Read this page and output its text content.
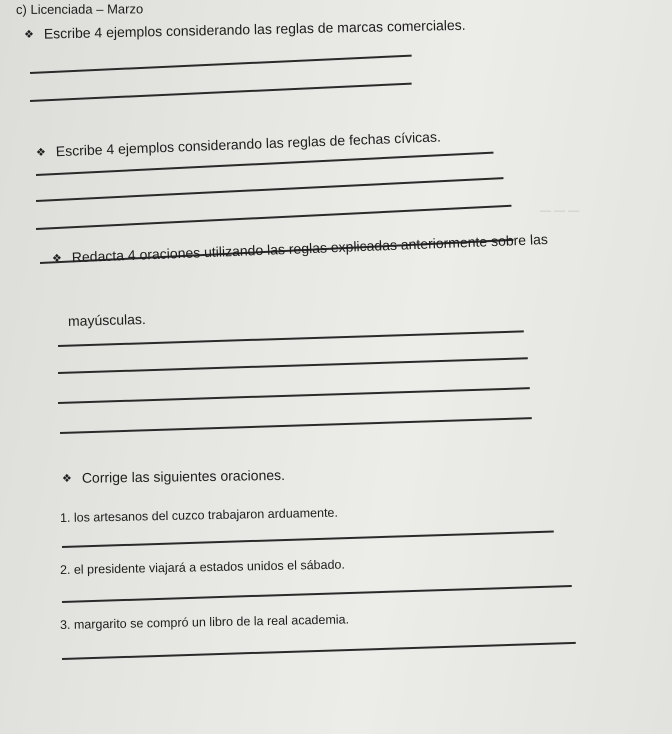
— — —
c) Licenciada – Marzo
❖ Escribe 4 ejemplos considerando las reglas de marcas comerciales.
❖ Escribe 4 ejemplos considerando las reglas de fechas cívicas.
❖ Redacta 4 oraciones utilizando las reglas explicadas anteriormente sobre las
mayúsculas.
❖ Corrige las siguientes oraciones.
1. los artesanos del cuzco trabajaron arduamente.
2. el presidente viajará a estados unidos el sábado.
3. margarito se compró un libro de la real academia.
